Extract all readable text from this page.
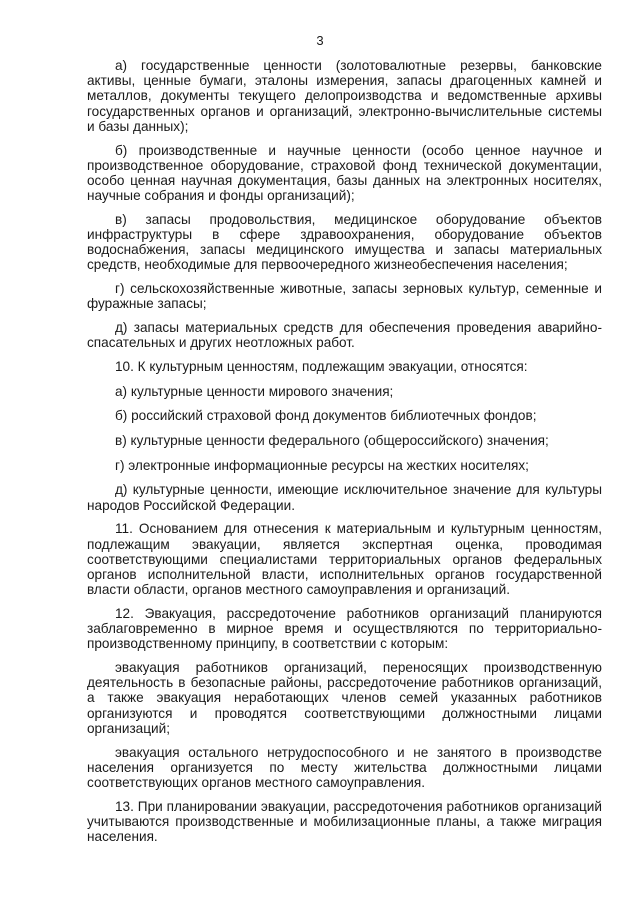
3

а) государственные ценности (золотовалютные резервы, банковские активы, ценные бумаги, эталоны измерения, запасы драгоценных камней и металлов, документы текущего делопроизводства и ведомственные архивы государственных органов и организаций, электронно-вычислительные системы и базы данных);

б) производственные и научные ценности (особо ценное научное и производственное оборудование, страховой фонд технической документации, особо ценная научная документация, базы данных на электронных носителях, научные собрания и фонды организаций);

в) запасы продовольствия, медицинское оборудование объектов инфраструктуры в сфере здравоохранения, оборудование объектов водоснабжения, запасы медицинского имущества и запасы материальных средств, необходимые для первоочередного жизнеобеспечения населения;

г) сельскохозяйственные животные, запасы зерновых культур, семенные и фуражные запасы;

д) запасы материальных средств для обеспечения проведения аварийно-спасательных и других неотложных работ.

10. К культурным ценностям, подлежащим эвакуации, относятся:

а) культурные ценности мирового значения;

б) российский страховой фонд документов библиотечных фондов;

в) культурные ценности федерального (общероссийского) значения;

г) электронные информационные ресурсы на жестких носителях;

д) культурные ценности, имеющие исключительное значение для культуры народов Российской Федерации.

11. Основанием для отнесения к материальным и культурным ценностям, подлежащим эвакуации, является экспертная оценка, проводимая соответствующими специалистами территориальных органов федеральных органов исполнительной власти, исполнительных органов государственной власти области, органов местного самоуправления и организаций.

12. Эвакуация, рассредоточение работников организаций планируются заблаговременно в мирное время и осуществляются по территориально-производственному принципу, в соответствии с которым:

эвакуация работников организаций, переносящих производственную деятельность в безопасные районы, рассредоточение работников организаций, а также эвакуация неработающих членов семей указанных работников организуются и проводятся соответствующими должностными лицами организаций;

эвакуация остального нетрудоспособного и не занятого в производстве населения организуется по месту жительства должностными лицами соответствующих органов местного самоуправления.

13. При планировании эвакуации, рассредоточения работников организаций учитываются производственные и мобилизационные планы, а также миграция населения.
